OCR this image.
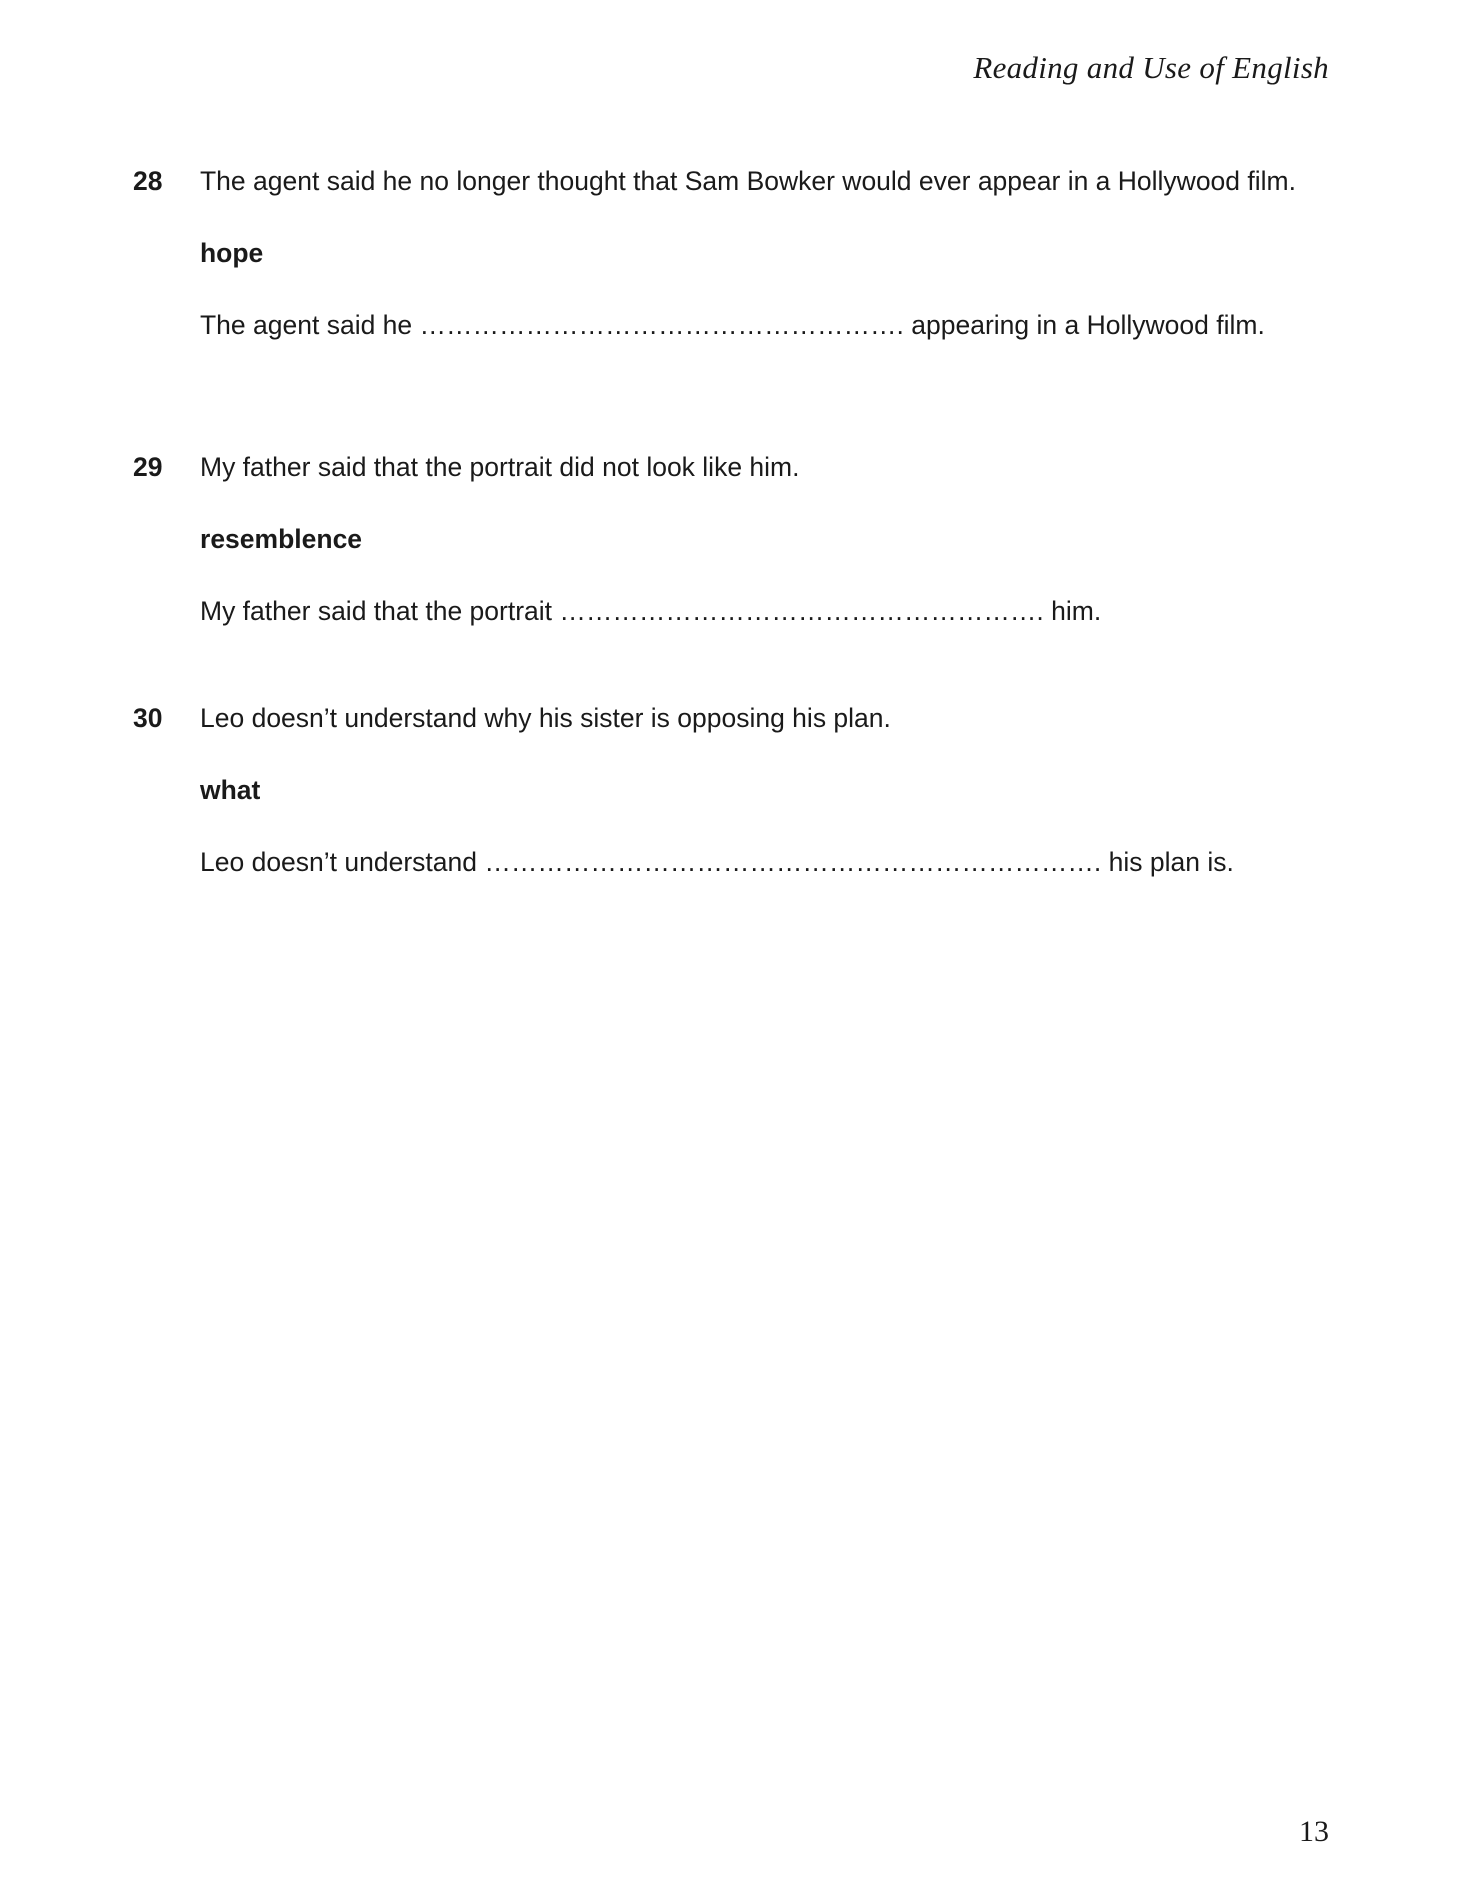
Reading and Use of English
28 The agent said he no longer thought that Sam Bowker would ever appear in a Hollywood film.
hope
The agent said he ………………………………………………. appearing in a Hollywood film.
29 My father said that the portrait did not look like him.
resemblence
My father said that the portrait ………………………………………………. him.
30 Leo doesn’t understand why his sister is opposing his plan.
what
Leo doesn’t understand ……………………………………………………………. his plan is.
13
